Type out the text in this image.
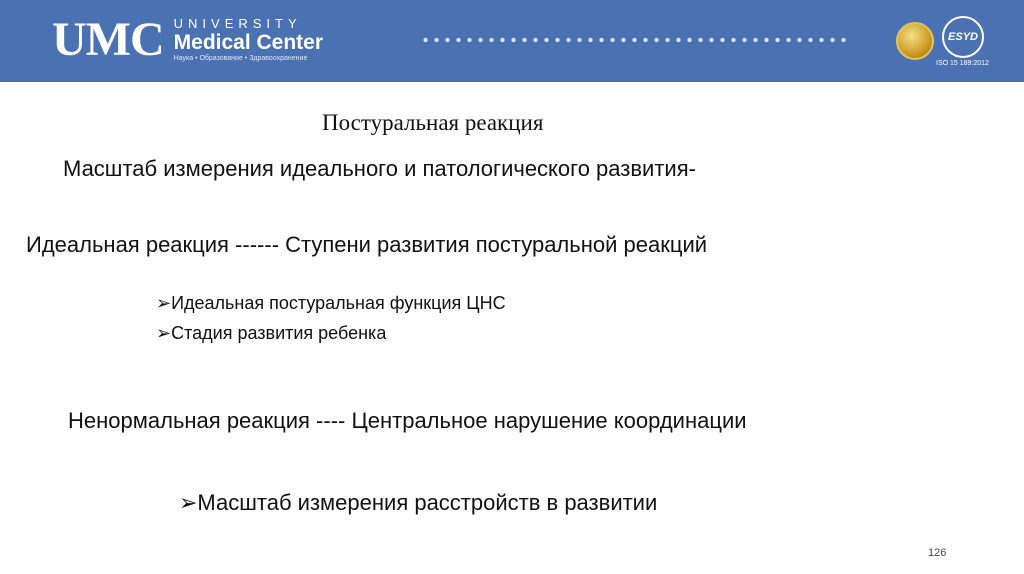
UMC UNIVERSITY
Medical Center
Наука • Образование • Здравоохранение
ESYD
ISO 15 189:2012
Постуральная реакция
Масштаб измерения идеального и патологического развития-
Идеальная реакция ------ Ступени развития постуральной реакций
➢Идеальная постуральная функция ЦНС
➢Стадия развития ребенка
Ненормальная реакция ---- Центральное нарушение координации
➢Масштаб измерения расстройств в развитии
126
